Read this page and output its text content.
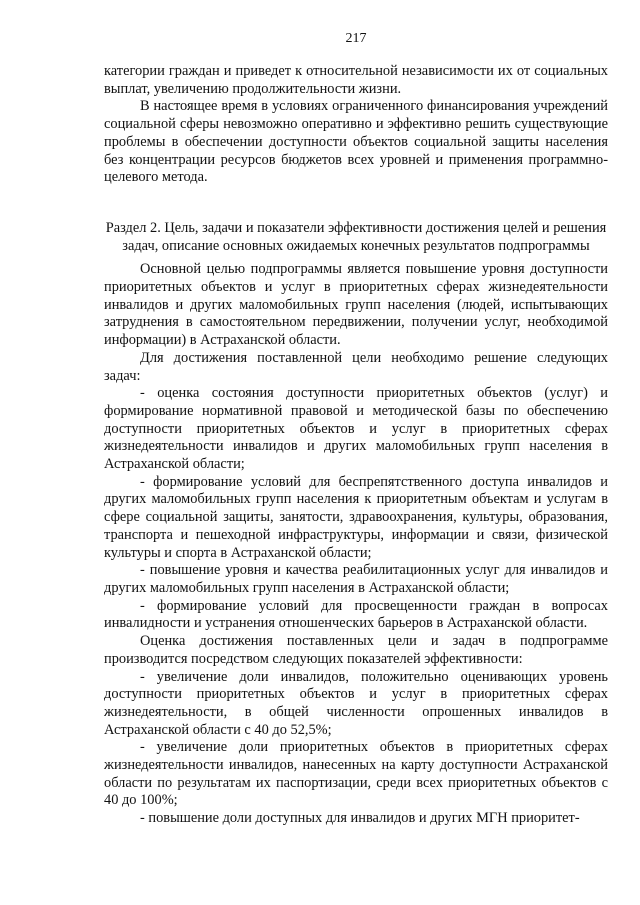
217

категории граждан и приведет к относительной независимости их от социальных выплат, увеличению продолжительности жизни.

В настоящее время в условиях ограниченного финансирования учреждений социальной сферы невозможно оперативно и эффективно решить существующие проблемы в обеспечении доступности объектов социальной защиты населения без концентрации ресурсов бюджетов всех уровней и применения программно-целевого метода.

Раздел 2. Цель, задачи и показатели эффективности достижения целей и решения задач, описание основных ожидаемых конечных результатов подпрограммы

Основной целью подпрограммы является повышение уровня доступности приоритетных объектов и услуг в приоритетных сферах жизнедеятельности инвалидов и других маломобильных групп населения (людей, испытывающих затруднения в самостоятельном передвижении, получении услуг, необходимой информации) в Астраханской области.

Для достижения поставленной цели необходимо решение следующих задач:

- оценка состояния доступности приоритетных объектов (услуг) и формирование нормативной правовой и методической базы по обеспечению доступности приоритетных объектов и услуг в приоритетных сферах жизнедеятельности инвалидов и других маломобильных групп населения в Астраханской области;
- формирование условий для беспрепятственного доступа инвалидов и других маломобильных групп населения к приоритетным объектам и услугам в сфере социальной защиты, занятости, здравоохранения, культуры, образования, транспорта и пешеходной инфраструктуры, информации и связи, физической культуры и спорта в Астраханской области;
- повышение уровня и качества реабилитационных услуг для инвалидов и других маломобильных групп населения в Астраханской области;
- формирование условий для просвещенности граждан в вопросах инвалидности и устранения отношенческих барьеров в Астраханской области.

Оценка достижения поставленных цели и задач в подпрограмме производится посредством следующих показателей эффективности:

- увеличение доли инвалидов, положительно оценивающих уровень доступности приоритетных объектов и услуг в приоритетных сферах жизнедеятельности, в общей численности опрошенных инвалидов в Астраханской области с 40 до 52,5%;
- увеличение доли приоритетных объектов в приоритетных сферах жизнедеятельности инвалидов, нанесенных на карту доступности Астраханской области по результатам их паспортизации, среди всех приоритетных объектов с 40 до 100%;
- повышение доли доступных для инвалидов и других МГН приоритет-
